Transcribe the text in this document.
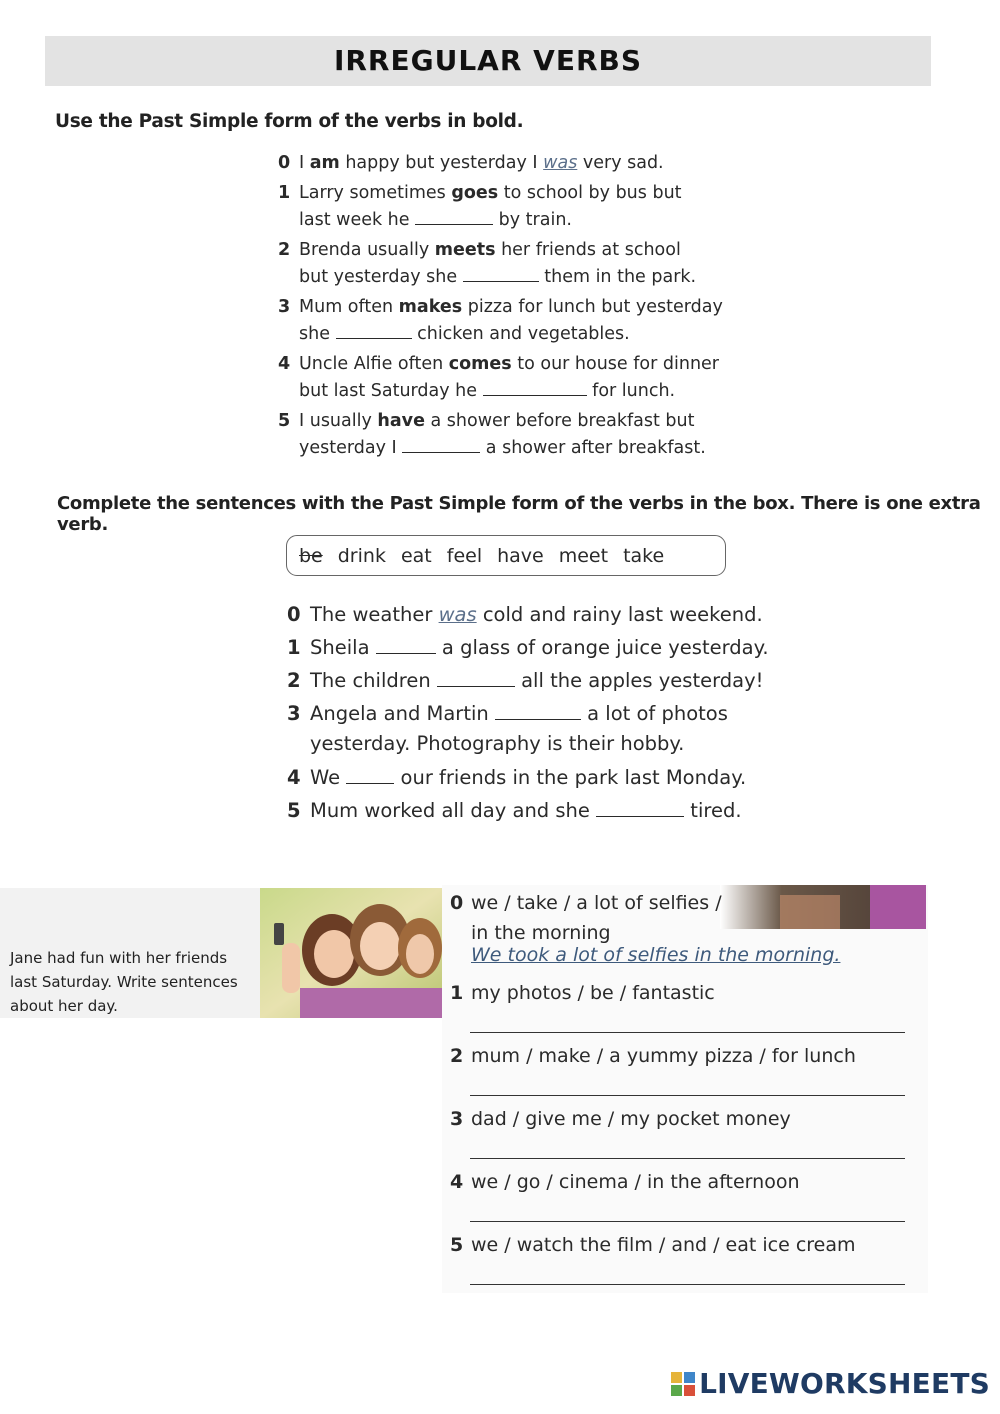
IRREGULAR VERBS
Use the Past Simple form of the verbs in bold.
0 I am happy but yesterday I was very sad.
1 Larry sometimes goes to school by bus but
last week he	by train.
2 Brenda usually meets her friends at school
but yesterday she	them in the park.
3 Mum often makes pizza for lunch but yesterday
she	chicken and vegetables.
4 Uncle Alfie often comes to our house for dinner
but last Saturday he	for lunch.
5 I usually have a shower before breakfast but
yesterday I	a shower after breakfast.
Complete the sentences with the Past Simple form of the verbs in the box. There is one extra verb.
be drink eat feel have meet take
0 The weather was cold and rainy last weekend.
1 Sheila	a glass of orange juice yesterday.
2 The children	all the apples yesterday!
3 Angela and Martin	a lot of photos
yesterday. Photography is their hobby.
4 We  our friends in the park last Monday.
5 Mum worked all day and she	tired.
Jane had fun with her friends
last Saturday. Write sentences
about her day.
0 we / take / a lot of selfies /
in the morning
We took a lot of selfies in the morning.
1 my photos / be / fantastic
2 mum / make / a yummy pizza / for lunch
3 dad / give me / my pocket money
4 we / go / cinema / in the afternoon
5 we / watch the film / and / eat ice cream
LIVEWORKSHEETS
